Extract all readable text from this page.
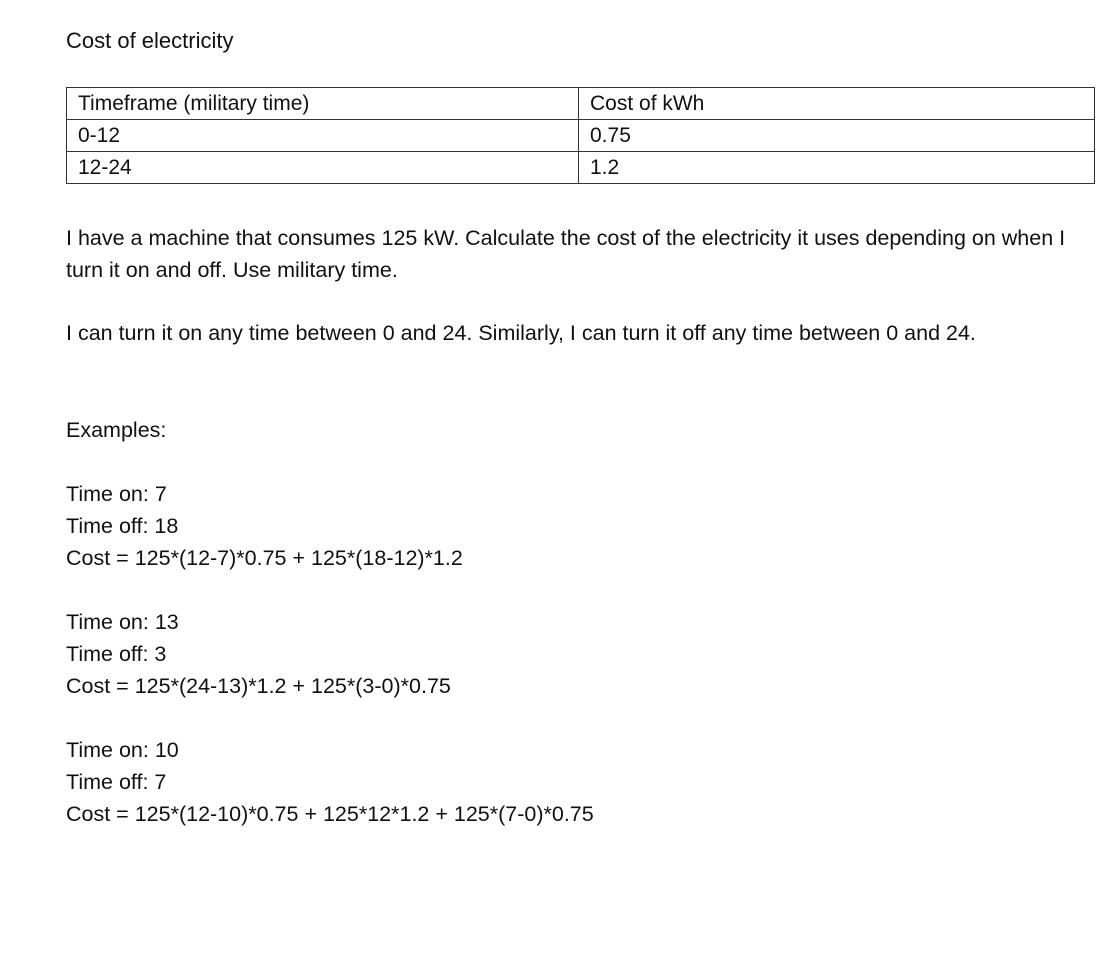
Cost of electricity
Timeframe (military time)	Cost of kWh
0-12	0.75
12-24	1.2
I have a machine that consumes 125 kW. Calculate the cost of the electricity it uses depending on when I turn it on and off. Use military time.
I can turn it on any time between 0 and 24. Similarly, I can turn it off any time between 0 and 24.
Examples:
Time on: 7
Time off: 18
Cost = 125*(12-7)*0.75 + 125*(18-12)*1.2
Time on: 13
Time off: 3
Cost = 125*(24-13)*1.2 + 125*(3-0)*0.75
Time on: 10
Time off: 7
Cost = 125*(12-10)*0.75 + 125*12*1.2 + 125*(7-0)*0.75
